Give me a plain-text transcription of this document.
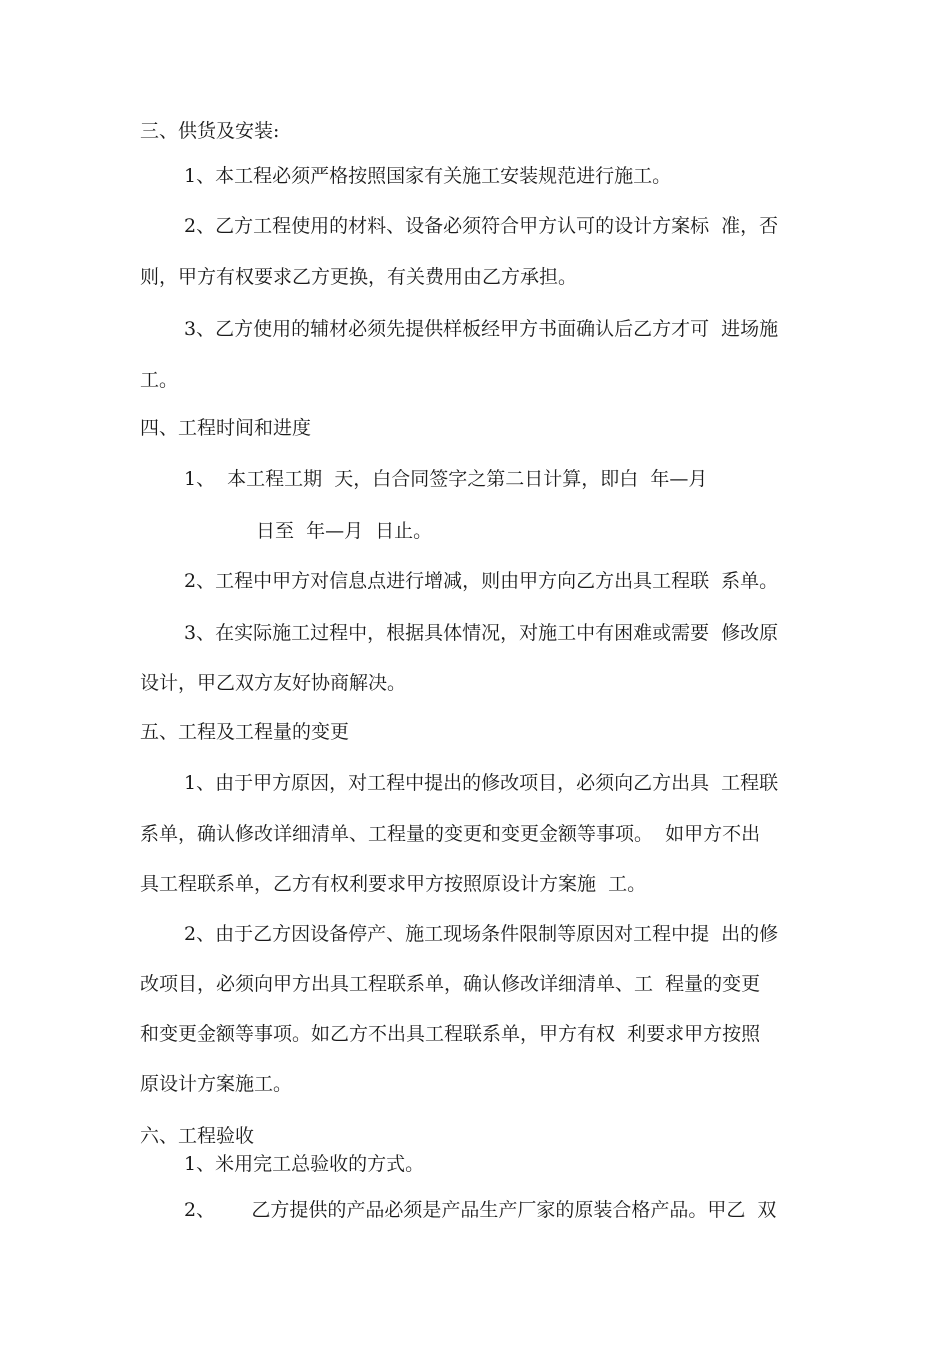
三、供货及安装:
1、本工程必须严格按照国家有关施工安装规范进行施工。
2、乙方工程使用的材料、设备必须符合甲方认可的设计方案标  准，否
则，甲方有权要求乙方更换，有关费用由乙方承担。
3、乙方使用的辅材必须先提供样板经甲方书面确认后乙方才可  进场施
工。
四、工程时间和进度
1、  本工程工期  天，白合同签字之第二日计算，即白  年—月
日至  年—月  日止。
2、工程中甲方对信息点进行增减，则由甲方向乙方出具工程联  系单。
3、在实际施工过程中，根据具体情况，对施工中有困难或需要  修改原
设计，甲乙双方友好协商解决。
五、工程及工程量的变更
1、由于甲方原因，对工程中提出的修改项目，必须向乙方出具  工程联
系单，确认修改详细清单、工程量的变更和变更金额等事项。  如甲方不出
具工程联系单，乙方有权利要求甲方按照原设计方案施  工。
2、由于乙方因设备停产、施工现场条件限制等原因对工程中提  出的修
改项目，必须向甲方出具工程联系单，确认修改详细清单、工  程量的变更
和变更金额等事项。如乙方不出具工程联系单，甲方有权  利要求甲方按照
原设计方案施工。
六、工程验收
1、米用完工总验收的方式。
2、      乙方提供的产品必须是产品生产厂家的原装合格产品。甲乙  双
